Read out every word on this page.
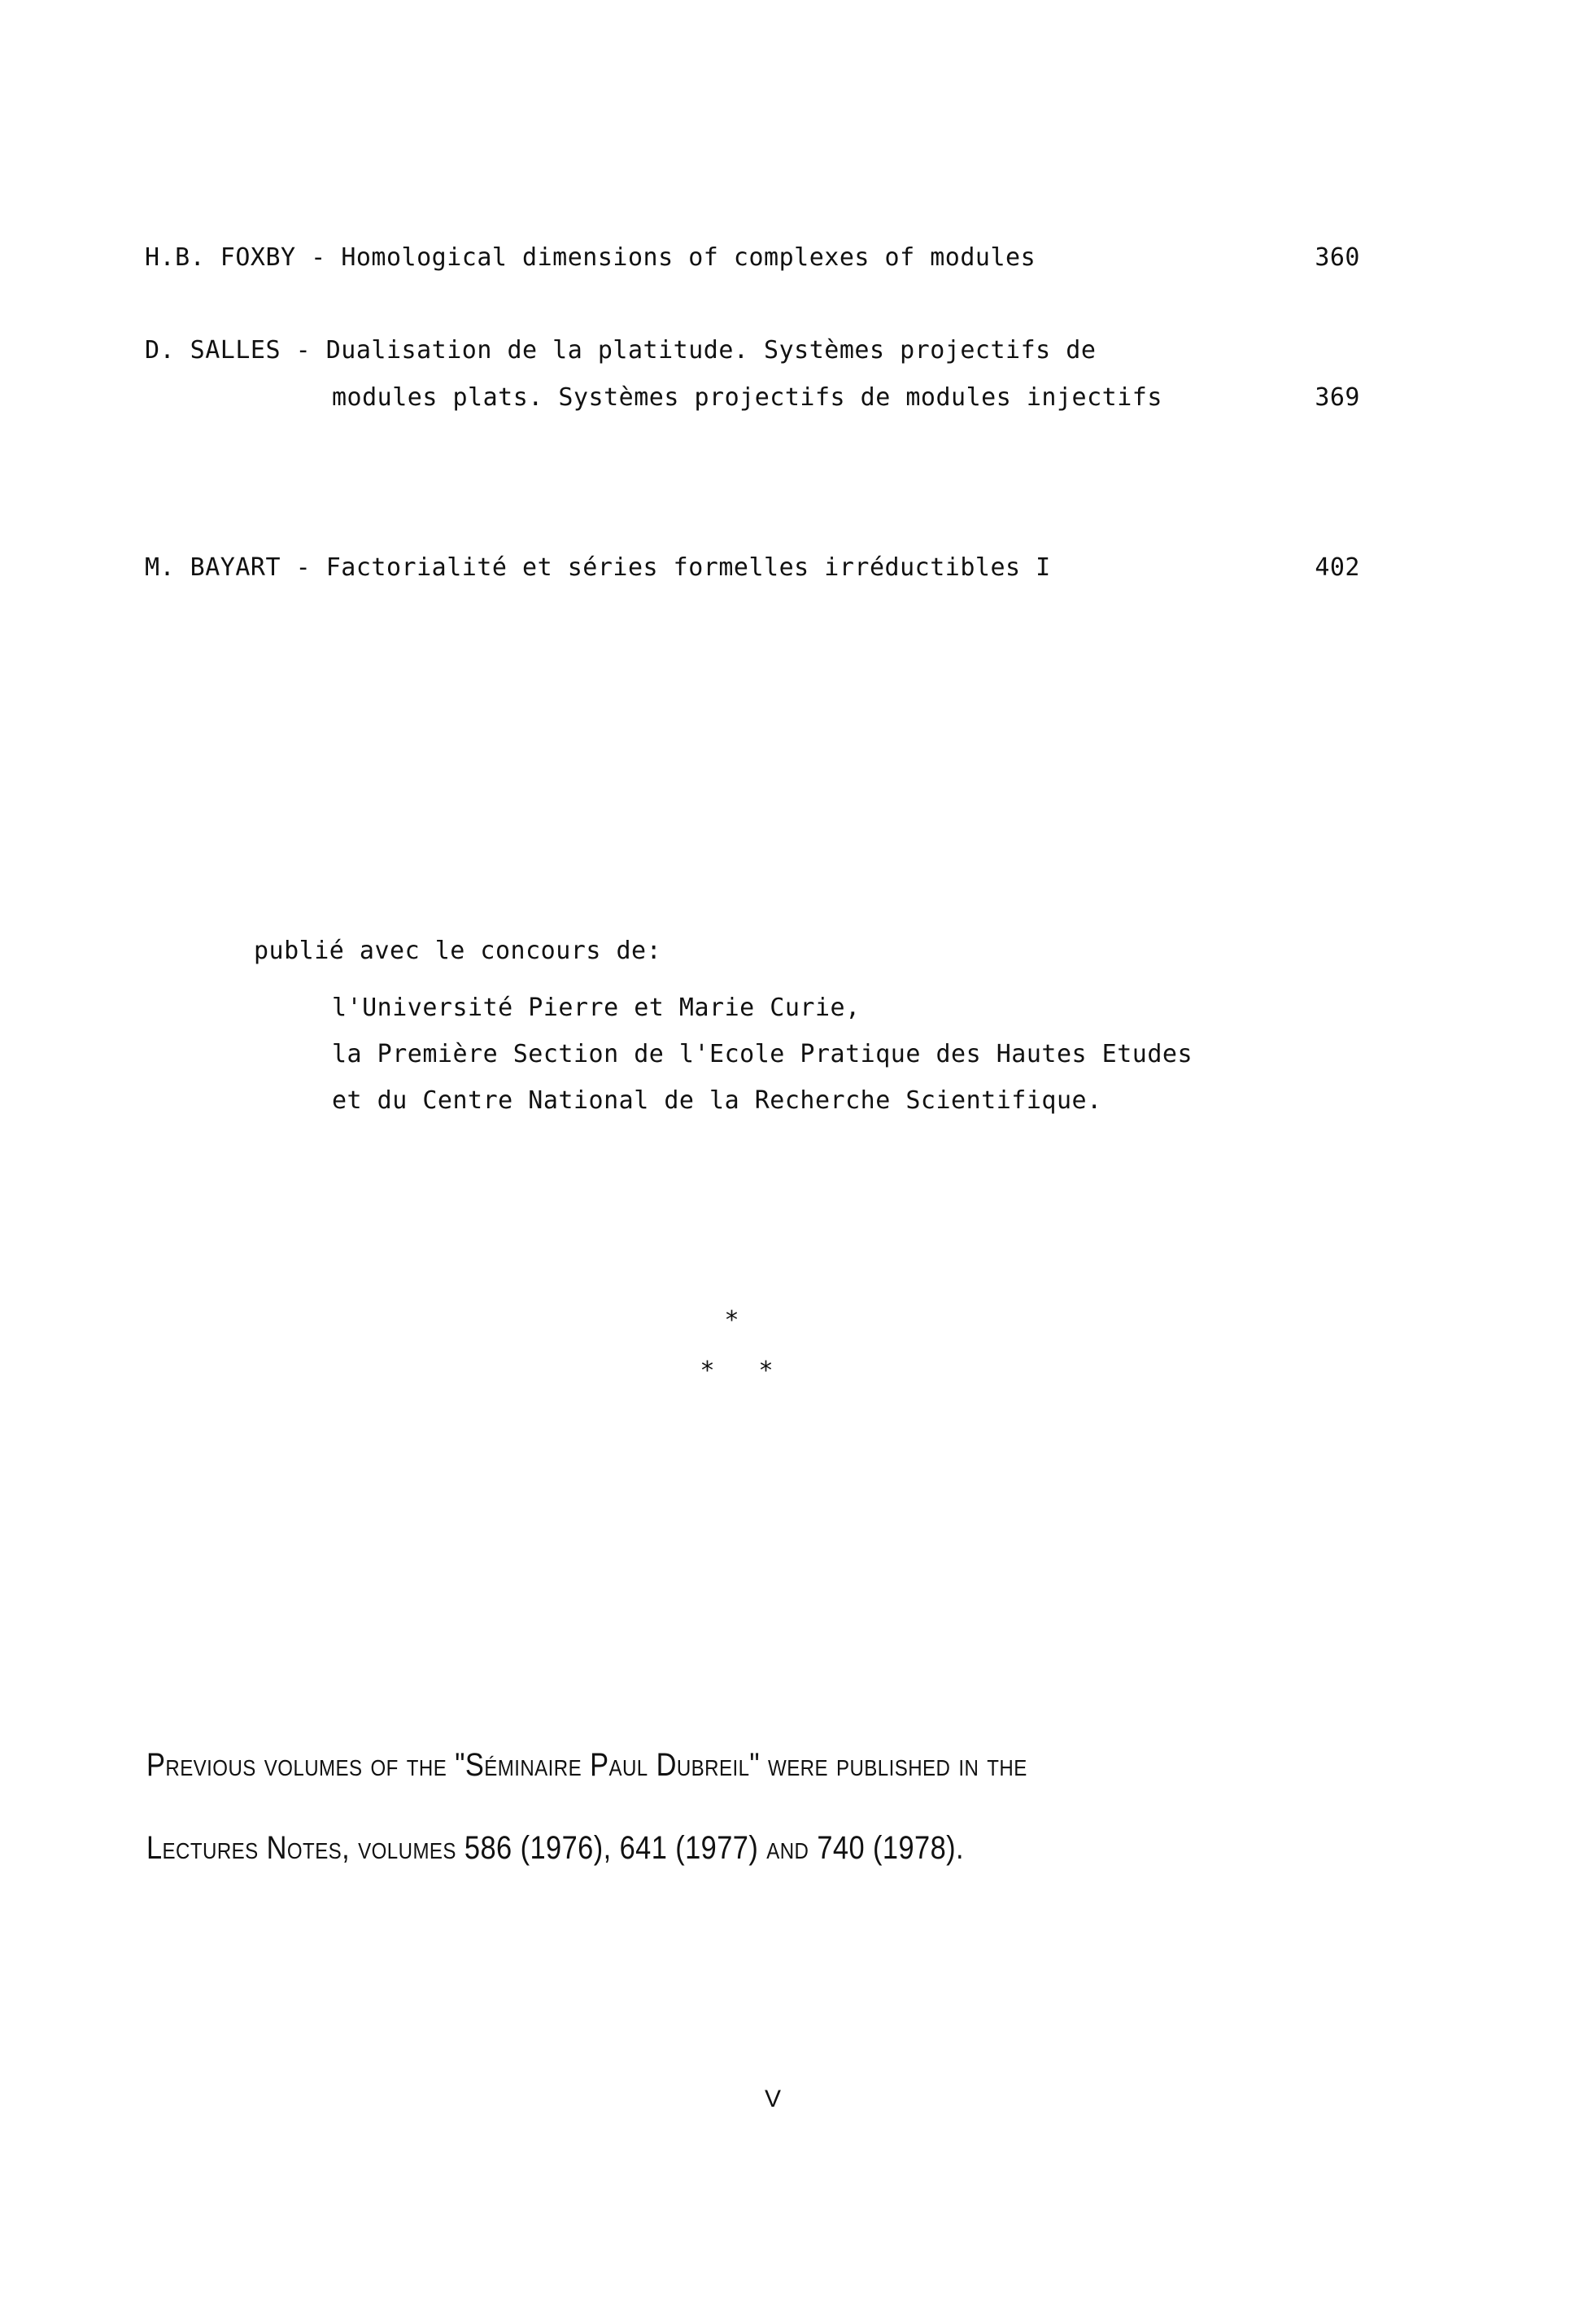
H.B. FOXBY - Homological dimensions of complexes of modules	360
D. SALLES - Dualisation de la platitude. Systèmes projectifs de
modules plats. Systèmes projectifs de modules injectifs	369
M. BAYART - Factorialité et séries formelles irréductibles I	402
publié avec le concours de:
l'Université Pierre et Marie Curie,
la Première Section de l'Ecole Pratique des Hautes Etudes
et du Centre National de la Recherche Scientifique.
*
* *
Previous volumes of the "Séminaire Paul Dubreil" were published in the
Lectures Notes, volumes 586 (1976), 641 (1977) and 740 (1978).
V
